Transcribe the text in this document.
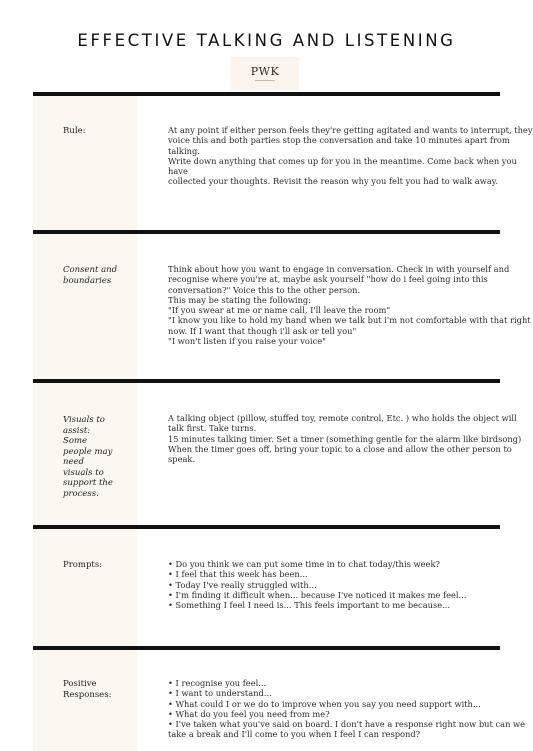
EFFECTIVE TALKING AND LISTENING
PWK
Rule:	At any point if either person feels they're getting agitated and wants to interrupt, they

voice this and both parties stop the conversation and take 10 minutes apart from

talking.

Write down anything that comes up for you in the meantime. Come back when you

have

collected your thoughts. Revisit the reason why you felt you had to walk away.

Consent and boundaries

Think about how you want to engage in conversation. Check in with yourself and

recognise where you're at, maybe ask yourself "how do i feel going into this

conversation?" Voice this to the other person.

This may be stating the following:

"If you swear at me or name call, I'll leave the room"

"I know you like to hold my hand when we talk but i'm not comfortable with that right

now. If I want that though i'll ask or tell you"

"I won't listen if you raise your voice"

Visuals to assist: Some people may need visuals to support the process.

A talking object (pillow, stuffed toy, remote control, Etc. ) who holds the object will

talk first. Take turns.

15 minutes talking timer. Set a timer (something gentle for the alarm like birdsong)

When the timer goes off, bring your topic to a close and allow the other person to

speak.

Prompts:	• Do you think we can put some time in to chat today/this week?

• I feel that this week has been...

• Today I've really struggled with...

• I'm finding it difficult when... because I've noticed it makes me feel...

• Something I feel I need is... This feels important to me because...

Positive Responses:

• I recognise you feel...

• I want to understand...

• What could I or we do to improve when you say you need support with...

• What do you feel you need from me?

• I've taken what you've said on board. I don't have a response right now but can we

take a break and I'll come to you when I feel I can respond?
